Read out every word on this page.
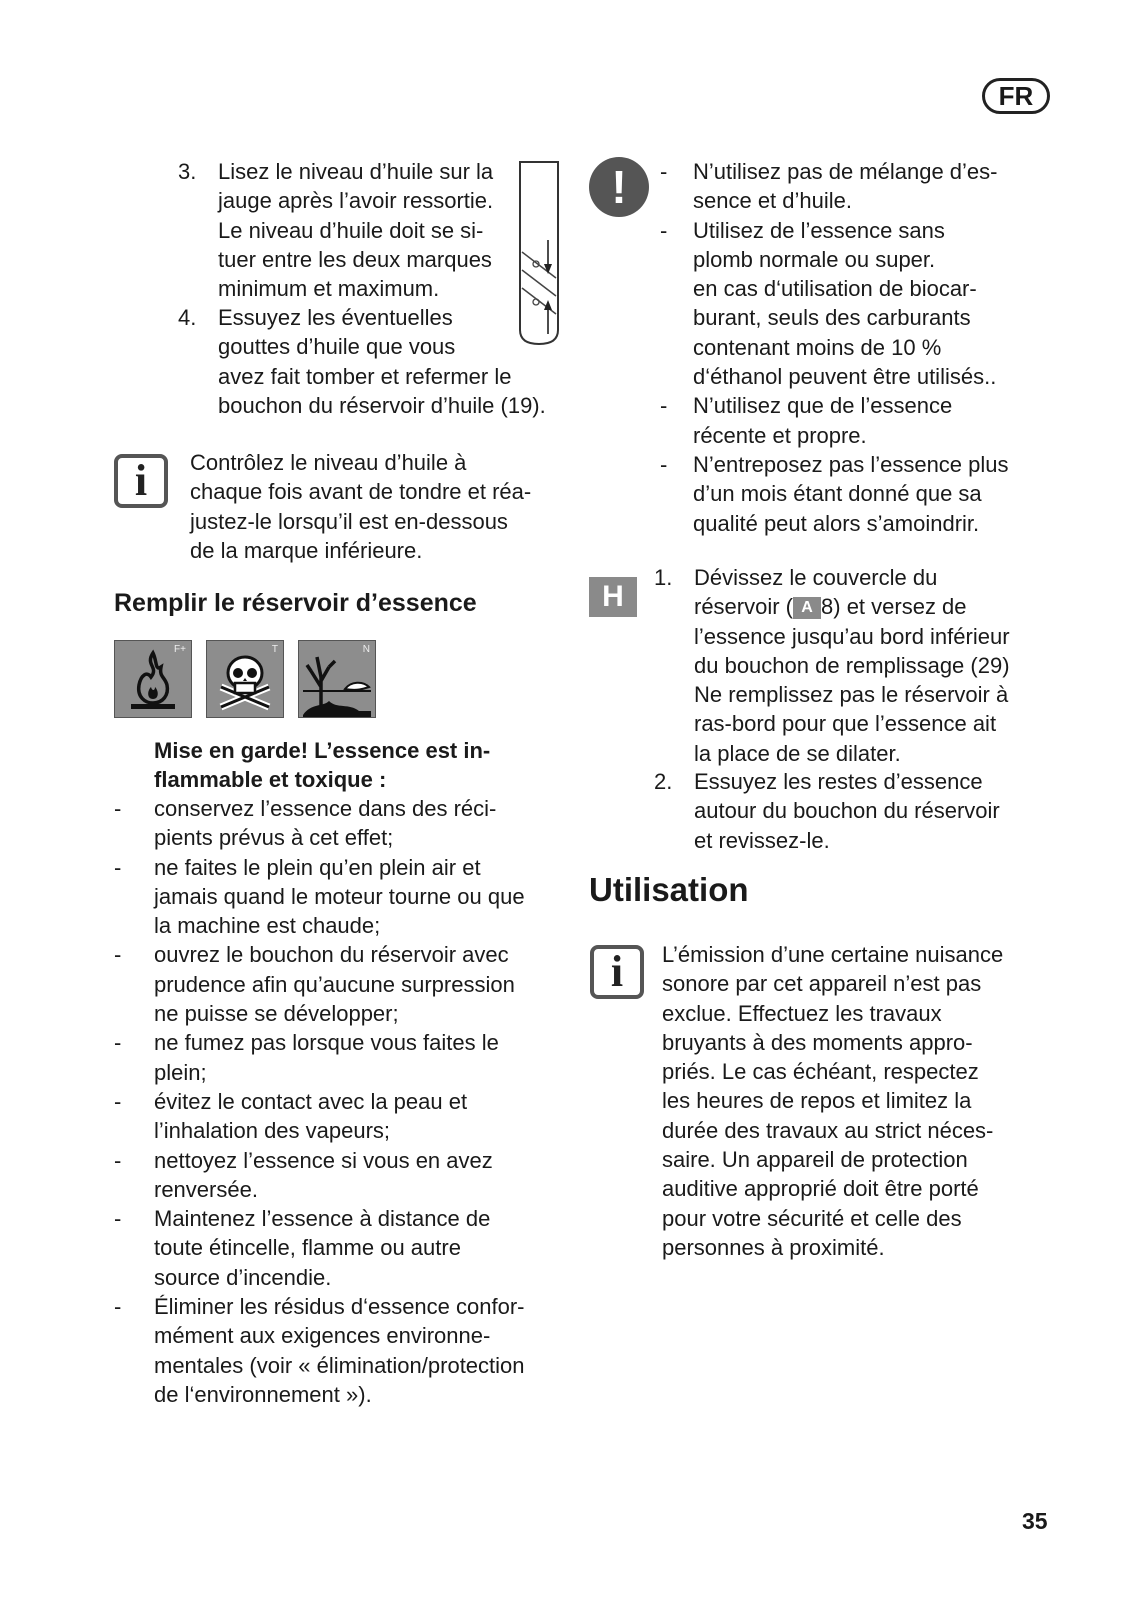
FR
3. Lisez le niveau d’huile sur la
jauge après l’avoir ressortie.
Le niveau d’huile doit se si-
tuer entre les deux marques
minimum et maximum.
4. Essuyez les éventuelles
gouttes d’huile que vous
avez fait tomber et refermer le
bouchon du réservoir d’huile (19).
i	Contrôlez le niveau d’huile à
chaque fois avant de tondre et réa-
justez-le lorsqu’il est en-dessous
de la marque inférieure.
Remplir le réservoir d’essence
F+	T	N
Mise en garde! L’essence est in-
flammable et toxique :
- conservez l’essence dans des réci-
pients prévus à cet effet;
- ne faites le plein qu’en plein air et
jamais quand le moteur tourne ou que
la machine est chaude;
- ouvrez le bouchon du réservoir avec
prudence afin qu’aucune surpression
ne puisse se développer;
- ne fumez pas lorsque vous faites le
plein;
- évitez le contact avec la peau et
l’inhalation des vapeurs;
- nettoyez l’essence si vous en avez
renversée.
- Maintenez l’essence à distance de
toute étincelle, flamme ou autre
source d’incendie.
- Éliminer les résidus d‘essence confor-
mément aux exigences environne-
mentales (voir « élimination/protection
de l‘environnement »).
!	- N’utilisez pas de mélange d’es-
sence et d’huile.
- Utilisez de l’essence sans
plomb normale ou super.
en cas d‘utilisation de biocar-
burant, seuls des carburants
contenant moins de 10 %
d‘éthanol peuvent être utilisés..
- N’utilisez que de l’essence
récente et propre.
- N’entreposez pas l’essence plus
d’un mois étant donné que sa
qualité peut alors s’amoindrir.
H
1. Dévissez le couvercle du
réservoir ( A 8) et versez de
l’essence jusqu’au bord inférieur
du bouchon de remplissage (29)
Ne remplissez pas le réservoir à
ras-bord pour que l’essence ait
la place de se dilater.
2. Essuyez les restes d’essence
autour du bouchon du réservoir
et revissez-le.
Utilisation
i	L’émission d’une certaine nuisance
sonore par cet appareil n’est pas
exclue. Effectuez les travaux
bruyants à des moments appro-
priés. Le cas échéant, respectez
les heures de repos et limitez la
durée des travaux au strict néces-
saire. Un appareil de protection
auditive approprié doit être porté
pour votre sécurité et celle des
personnes à proximité.
35
